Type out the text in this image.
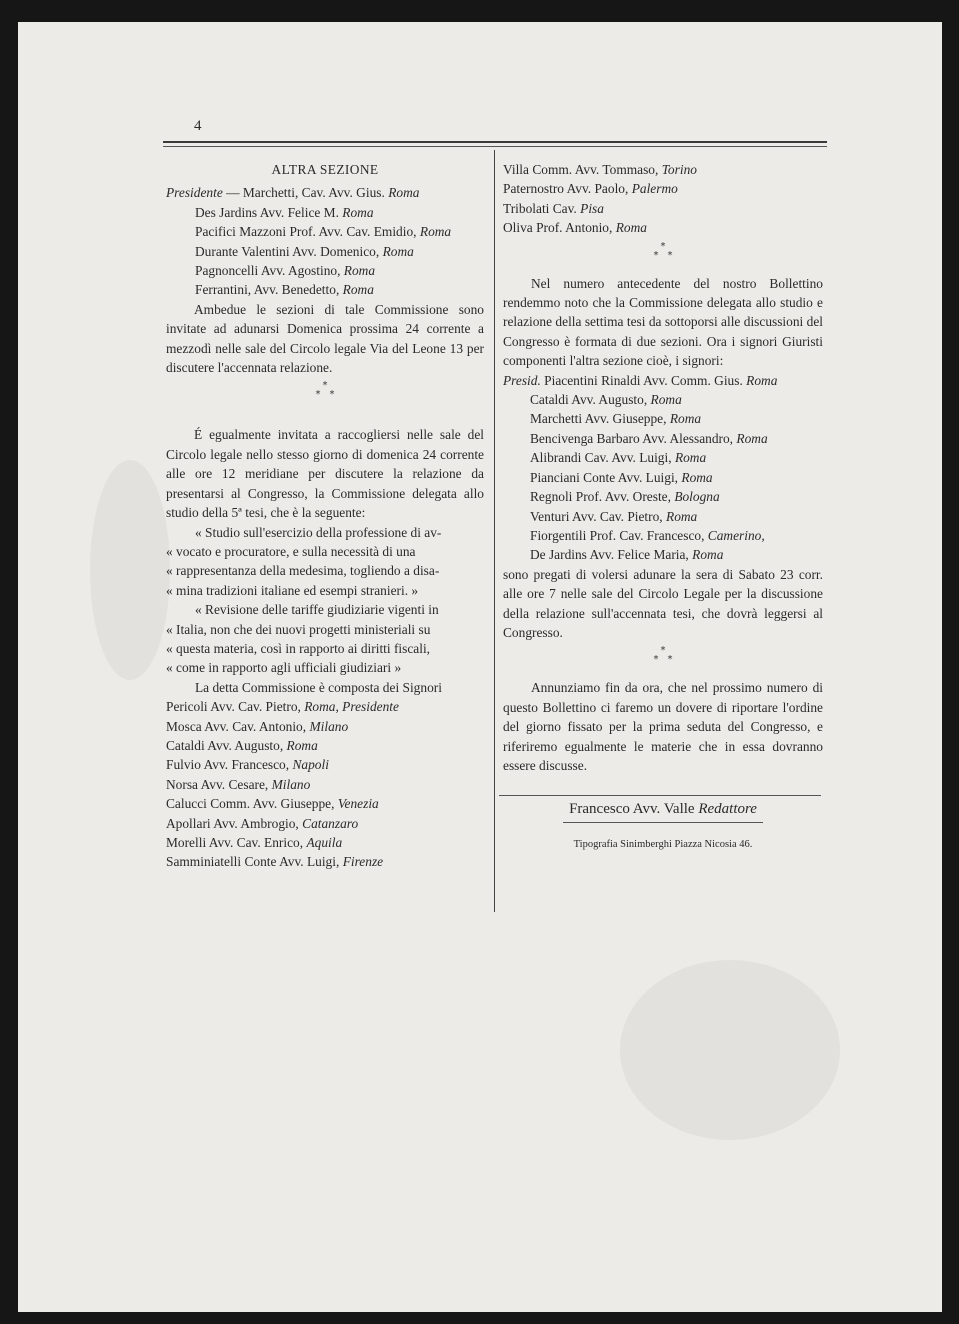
4
ALTRA SEZIONE

Presidente — Marchetti, Cav. Avv. Gius. Roma

Des Jardins Avv. Felice M. Roma

Pacifici Mazzoni Prof. Avv. Cav. Emidio, Roma

Durante Valentini Avv. Domenico, Roma

Pagnoncelli Avv. Agostino, Roma

Ferrantini, Avv. Benedetto, Roma

Ambedue le sezioni di tale Commissione sono invitate ad adunarsi Domenica prossima 24 corrente a mezzodì nelle sale del Circolo legale Via del Leone 13 per discutere l'accennata relazione.

*
* *

É egualmente invitata a raccogliersi nelle sale del Circolo legale nello stesso giorno di domenica 24 corrente alle ore 12 meridiane per discutere la relazione da presentarsi al Congresso, la Commissione delegata allo studio della 5ª tesi, che è la seguente:

« Studio sull'esercizio della professione di av-

« vocato e procuratore, e sulla necessità di una

« rappresentanza della medesima, togliendo a disa-

« mina tradizioni italiane ed esempi stranieri. »

« Revisione delle tariffe giudiziarie vigenti in

« Italia, non che dei nuovi progetti ministeriali su

« questa materia, così in rapporto ai diritti fiscali,

« come in rapporto agli ufficiali giudiziari »

La detta Commissione è composta dei Signori

Pericoli Avv. Cav. Pietro, Roma, Presidente

Mosca Avv. Cav. Antonio, Milano

Cataldi Avv. Augusto, Roma

Fulvio Avv. Francesco, Napoli

Norsa Avv. Cesare, Milano

Calucci Comm. Avv. Giuseppe, Venezia

Apollari Avv. Ambrogio, Catanzaro

Morelli Avv. Cav. Enrico, Aquila

Samminiatelli Conte Avv. Luigi, Firenze

Villa Comm. Avv. Tommaso, Torino

Paternostro Avv. Paolo, Palermo

Tribolati Cav. Pisa

Oliva Prof. Antonio, Roma

*
* *

Nel numero antecedente del nostro Bollettino rendemmo noto che la Commissione delegata allo studio e relazione della settima tesi da sottoporsi alle discussioni del Congresso è formata di due sezioni. Ora i signori Giuristi componenti l'altra sezione cioè, i signori:

Presid. Piacentini Rinaldi Avv. Comm. Gius. Roma

Cataldi Avv. Augusto, Roma

Marchetti Avv. Giuseppe, Roma

Bencivenga Barbaro Avv. Alessandro, Roma

Alibrandi Cav. Avv. Luigi, Roma

Pianciani Conte Avv. Luigi, Roma

Regnoli Prof. Avv. Oreste, Bologna

Venturi Avv. Cav. Pietro, Roma

Fiorgentili Prof. Cav. Francesco, Camerino,

De Jardins Avv. Felice Maria, Roma

sono pregati di volersi adunare la sera di Sabato 23 corr. alle ore 7 nelle sale del Circolo Legale per la discussione della relazione sull'accennata tesi, che dovrà leggersi al Congresso.

*
* *

Annunziamo fin da ora, che nel prossimo numero di questo Bollettino ci faremo un dovere di riportare l'ordine del giorno fissato per la prima seduta del Congresso, e riferiremo egualmente le materie che in essa dovranno essere discusse.

Francesco Avv. Valle Redattore
Tipografia Sinimberghi Piazza Nicosia 46.
